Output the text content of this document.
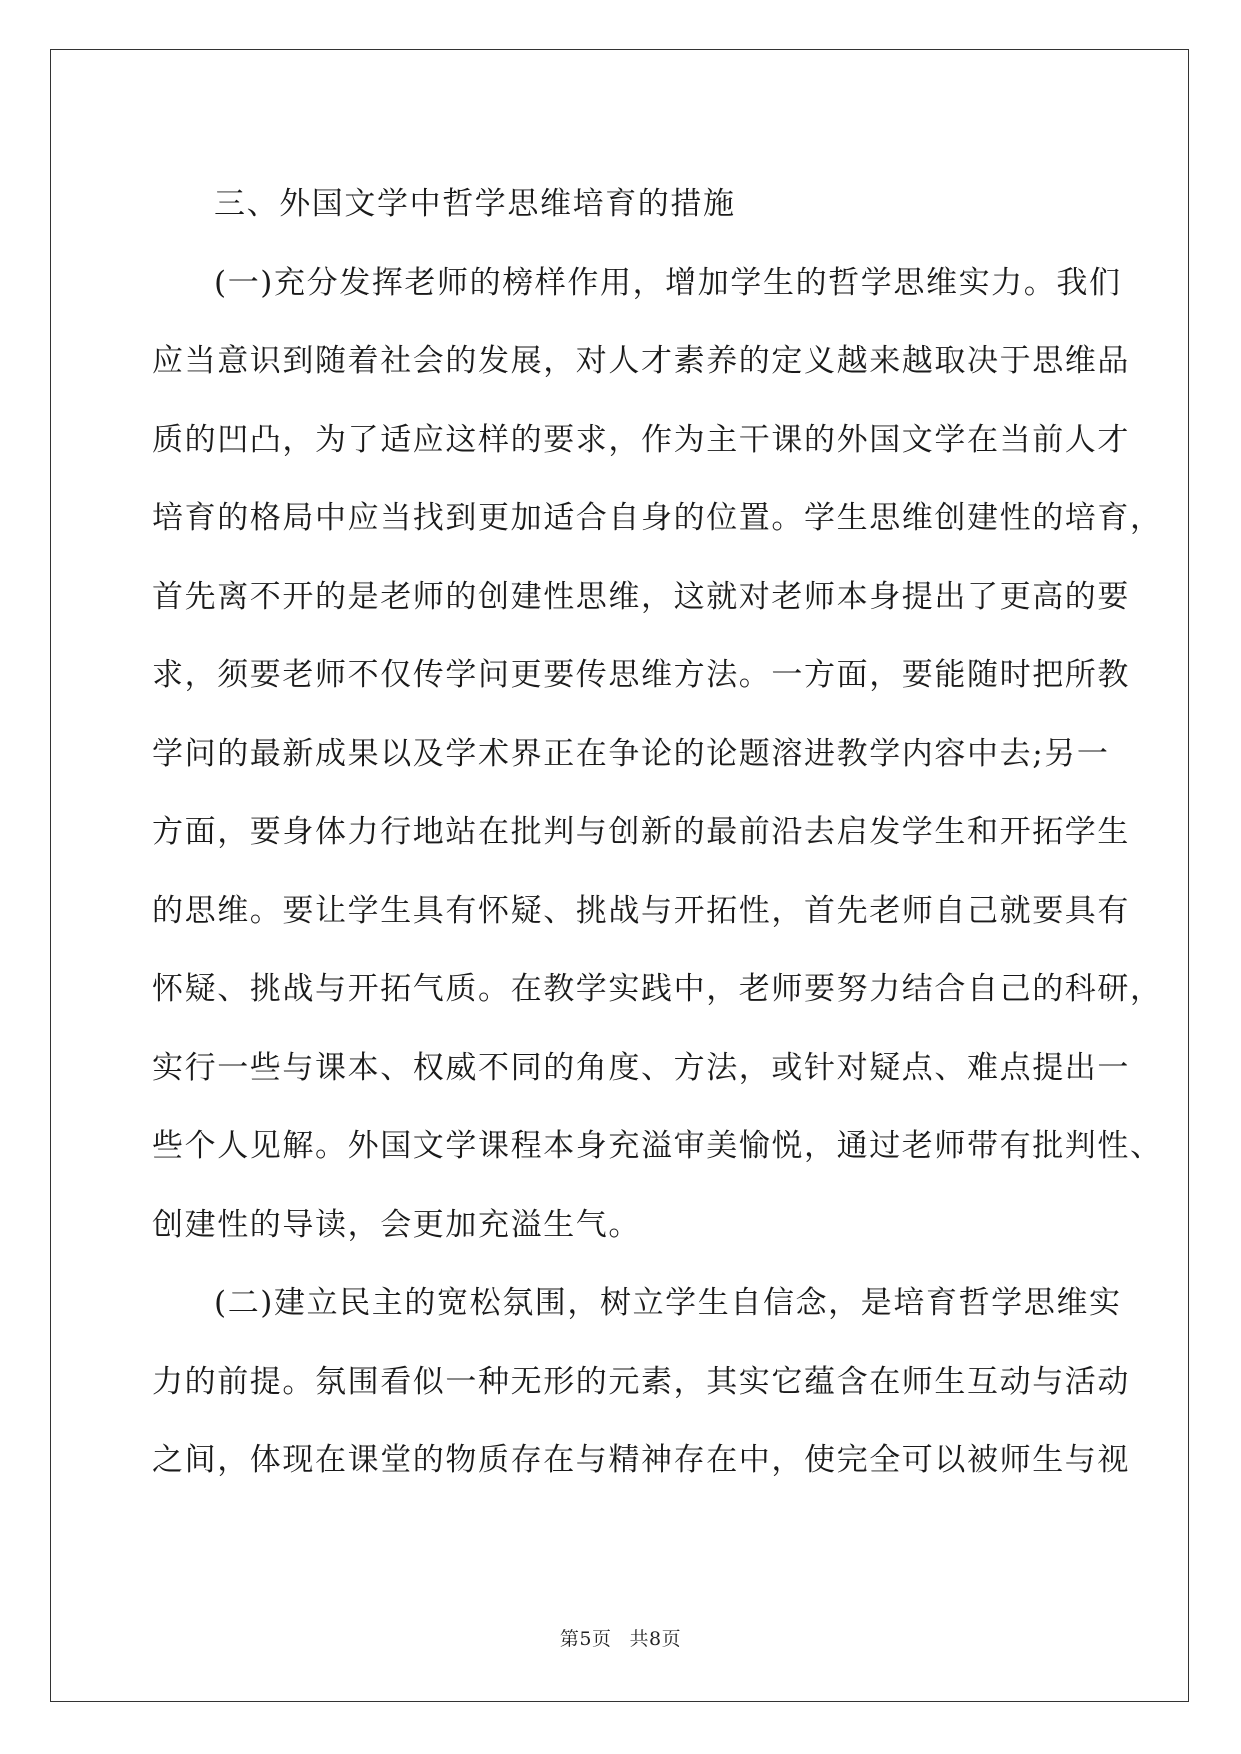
三、外国文学中哲学思维培育的措施
(一)充分发挥老师的榜样作用，增加学生的哲学思维实力。我们
应当意识到随着社会的发展，对人才素养的定义越来越取决于思维品
质的凹凸，为了适应这样的要求，作为主干课的外国文学在当前人才
培育的格局中应当找到更加适合自身的位置。学生思维创建性的培育，
首先离不开的是老师的创建性思维，这就对老师本身提出了更高的要
求，须要老师不仅传学问更要传思维方法。一方面，要能随时把所教
学问的最新成果以及学术界正在争论的论题溶进教学内容中去;另一
方面，要身体力行地站在批判与创新的最前沿去启发学生和开拓学生
的思维。要让学生具有怀疑、挑战与开拓性，首先老师自己就要具有
怀疑、挑战与开拓气质。在教学实践中，老师要努力结合自己的科研，
实行一些与课本、权威不同的角度、方法，或针对疑点、难点提出一
些个人见解。外国文学课程本身充溢审美愉悦，通过老师带有批判性、
创建性的导读，会更加充溢生气。
(二)建立民主的宽松氛围，树立学生自信念，是培育哲学思维实
力的前提。氛围看似一种无形的元素，其实它蕴含在师生互动与活动
之间，体现在课堂的物质存在与精神存在中，使完全可以被师生与视
第5页 共8页
